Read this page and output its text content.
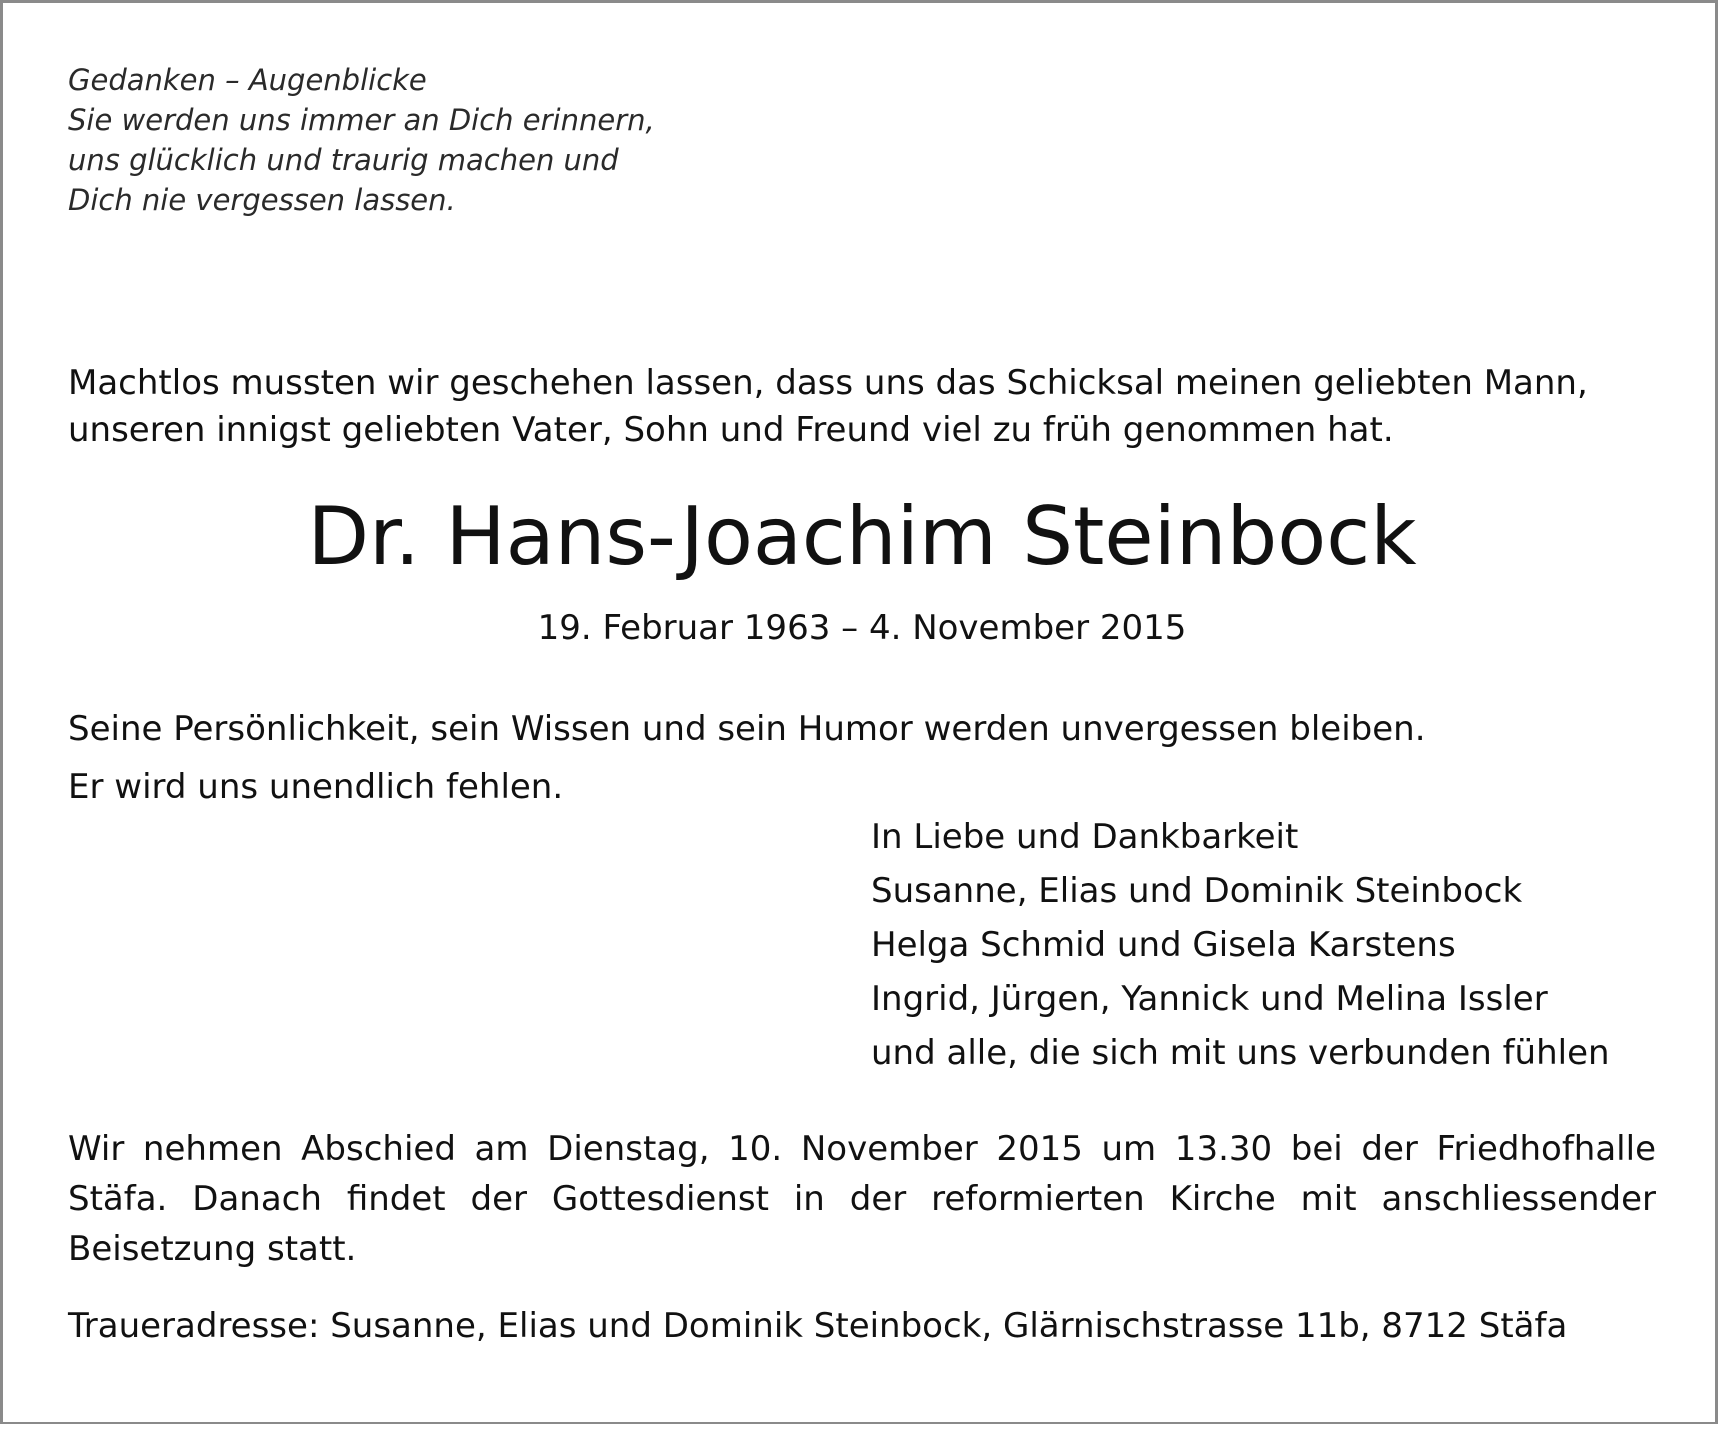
Gedanken – Augenblicke
Sie werden uns immer an Dich erinnern,
uns glücklich und traurig machen und
Dich nie vergessen lassen.
Machtlos mussten wir geschehen lassen, dass uns das Schicksal meinen geliebten Mann,
unseren innigst geliebten Vater, Sohn und Freund viel zu früh genommen hat.
Dr. Hans-Joachim Steinbock
19. Februar 1963 – 4. November 2015
Seine Persönlichkeit, sein Wissen und sein Humor werden unvergessen bleiben.
Er wird uns unendlich fehlen.
In Liebe und Dankbarkeit
Susanne, Elias und Dominik Steinbock
Helga Schmid und Gisela Karstens
Ingrid, Jürgen, Yannick und Melina Issler
und alle, die sich mit uns verbunden fühlen
Wir nehmen Abschied am Dienstag, 10. November 2015 um 13.30 bei der Friedhofhalle Stäfa. Danach findet der Gottesdienst in der reformierten Kirche mit anschliessender Beisetzung statt.
Traueradresse: Susanne, Elias und Dominik Steinbock, Glärnischstrasse 11b, 8712 Stäfa
